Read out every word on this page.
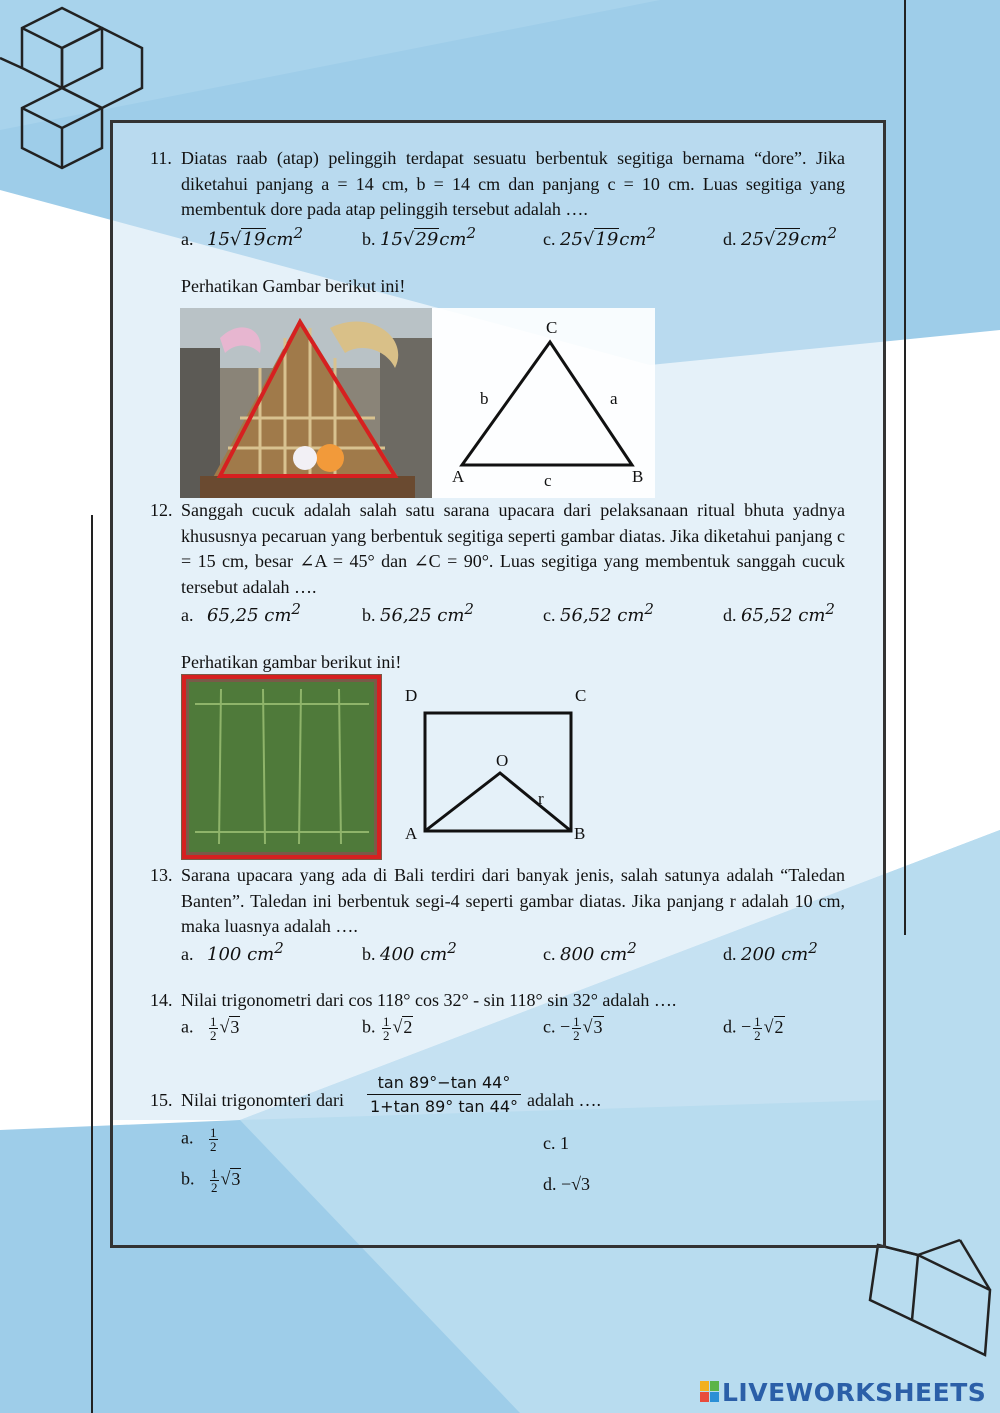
11. Diatas raab (atap) pelinggih terdapat sesuatu berbentuk segitiga bernama “dore”. Jika diketahui panjang a = 14 cm, b = 14 cm dan panjang c = 10 cm. Luas segitiga yang membentuk dore pada atap pelinggih tersebut adalah ….
a. $15√19cm^2$	b. $15√29cm^2$	c. $25√19cm^2$	d. $25√29cm^2$
Perhatikan Gambar berikut ini!
C
b	a
A	c	B
12. Sanggah cucuk adalah salah satu sarana upacara dari pelaksanaan ritual bhuta yadnya khususnya pecaruan yang berbentuk segitiga seperti gambar diatas. Jika diketahui panjang c = 15 cm, besar ∠A = 45° dan ∠C = 90°. Luas segitiga yang membentuk sanggah cucuk tersebut adalah ….
a. 65,25 $cm^2$	b. 56,25 $cm^2$	c. 56,52 $cm^2$	d. 65,52 $cm^2$
Perhatikan gambar berikut ini!
D	C
O
r
A	B
13. Sarana upacara yang ada di Bali terdiri dari banyak jenis, salah satunya adalah “Taledan Banten”. Taledan ini berbentuk segi-4 seperti gambar diatas. Jika panjang r adalah 10 cm, maka luasnya adalah ….
a. 100 $cm^2$	b. 400 $cm^2$	c. 800 $cm^2$	d. 200 $cm^2$
14. Nilai trigonometri dari cos 118° cos 32° - sin 118° sin 32° adalah ….
a. $\frac{1}{2} √3$	b. $\frac{1}{2} √2$	c. − $\frac{1}{2} √3$	d. − $\frac{1}{2} √2$
15. Nilai trigonomteri dari $\frac{\tan 89^\circ-\tan 44^\circ}{1+\tan 89^\circ \tan 44^\circ}$ adalah ….
a. $\frac{1}{2}$	c. 1
b. $\frac{1}{2} √3$	d. −√3
LIVEWORKSHEETS
